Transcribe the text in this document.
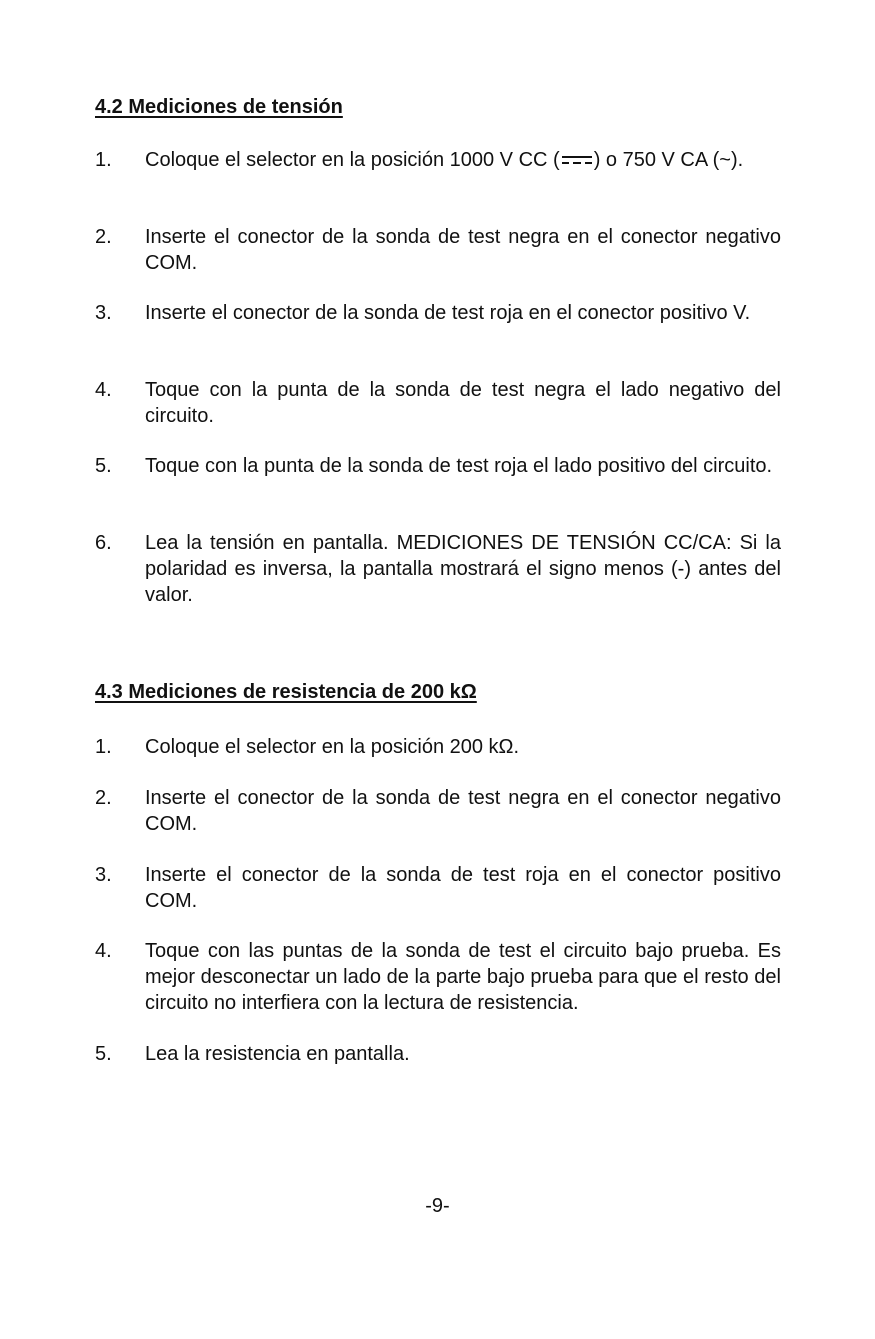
4.2 Mediciones de tensión
1.	Coloque el selector en la posición 1000 V CC ( ) o 750 V CA (~).
2.	Inserte el conector de la sonda de test negra en el conector negativo COM.
3.	Inserte el conector de la sonda de test roja en el conector positivo V.
4.	Toque con la punta de la sonda de test negra el lado negativo del circuito.
5.	Toque con la punta de la sonda de test roja el lado positivo del circuito.
6.	Lea la tensión en pantalla. MEDICIONES DE TENSIÓN CC/CA: Si la polaridad es inversa, la pantalla mostrará el signo menos (-) antes del valor.
4.3 Mediciones de resistencia de 200 kΩ
1.	Coloque el selector en la posición 200 kΩ.
2.	Inserte el conector de la sonda de test negra en el conector negativo COM.
3.	Inserte el conector de la sonda de test roja en el conector positivo COM.
4.	Toque con las puntas de la sonda de test el circuito bajo prueba. Es mejor desconectar un lado de la parte bajo prueba para que el resto del circuito no interfiera con la lectura de resistencia.
5.	Lea la resistencia en pantalla.
-9-
